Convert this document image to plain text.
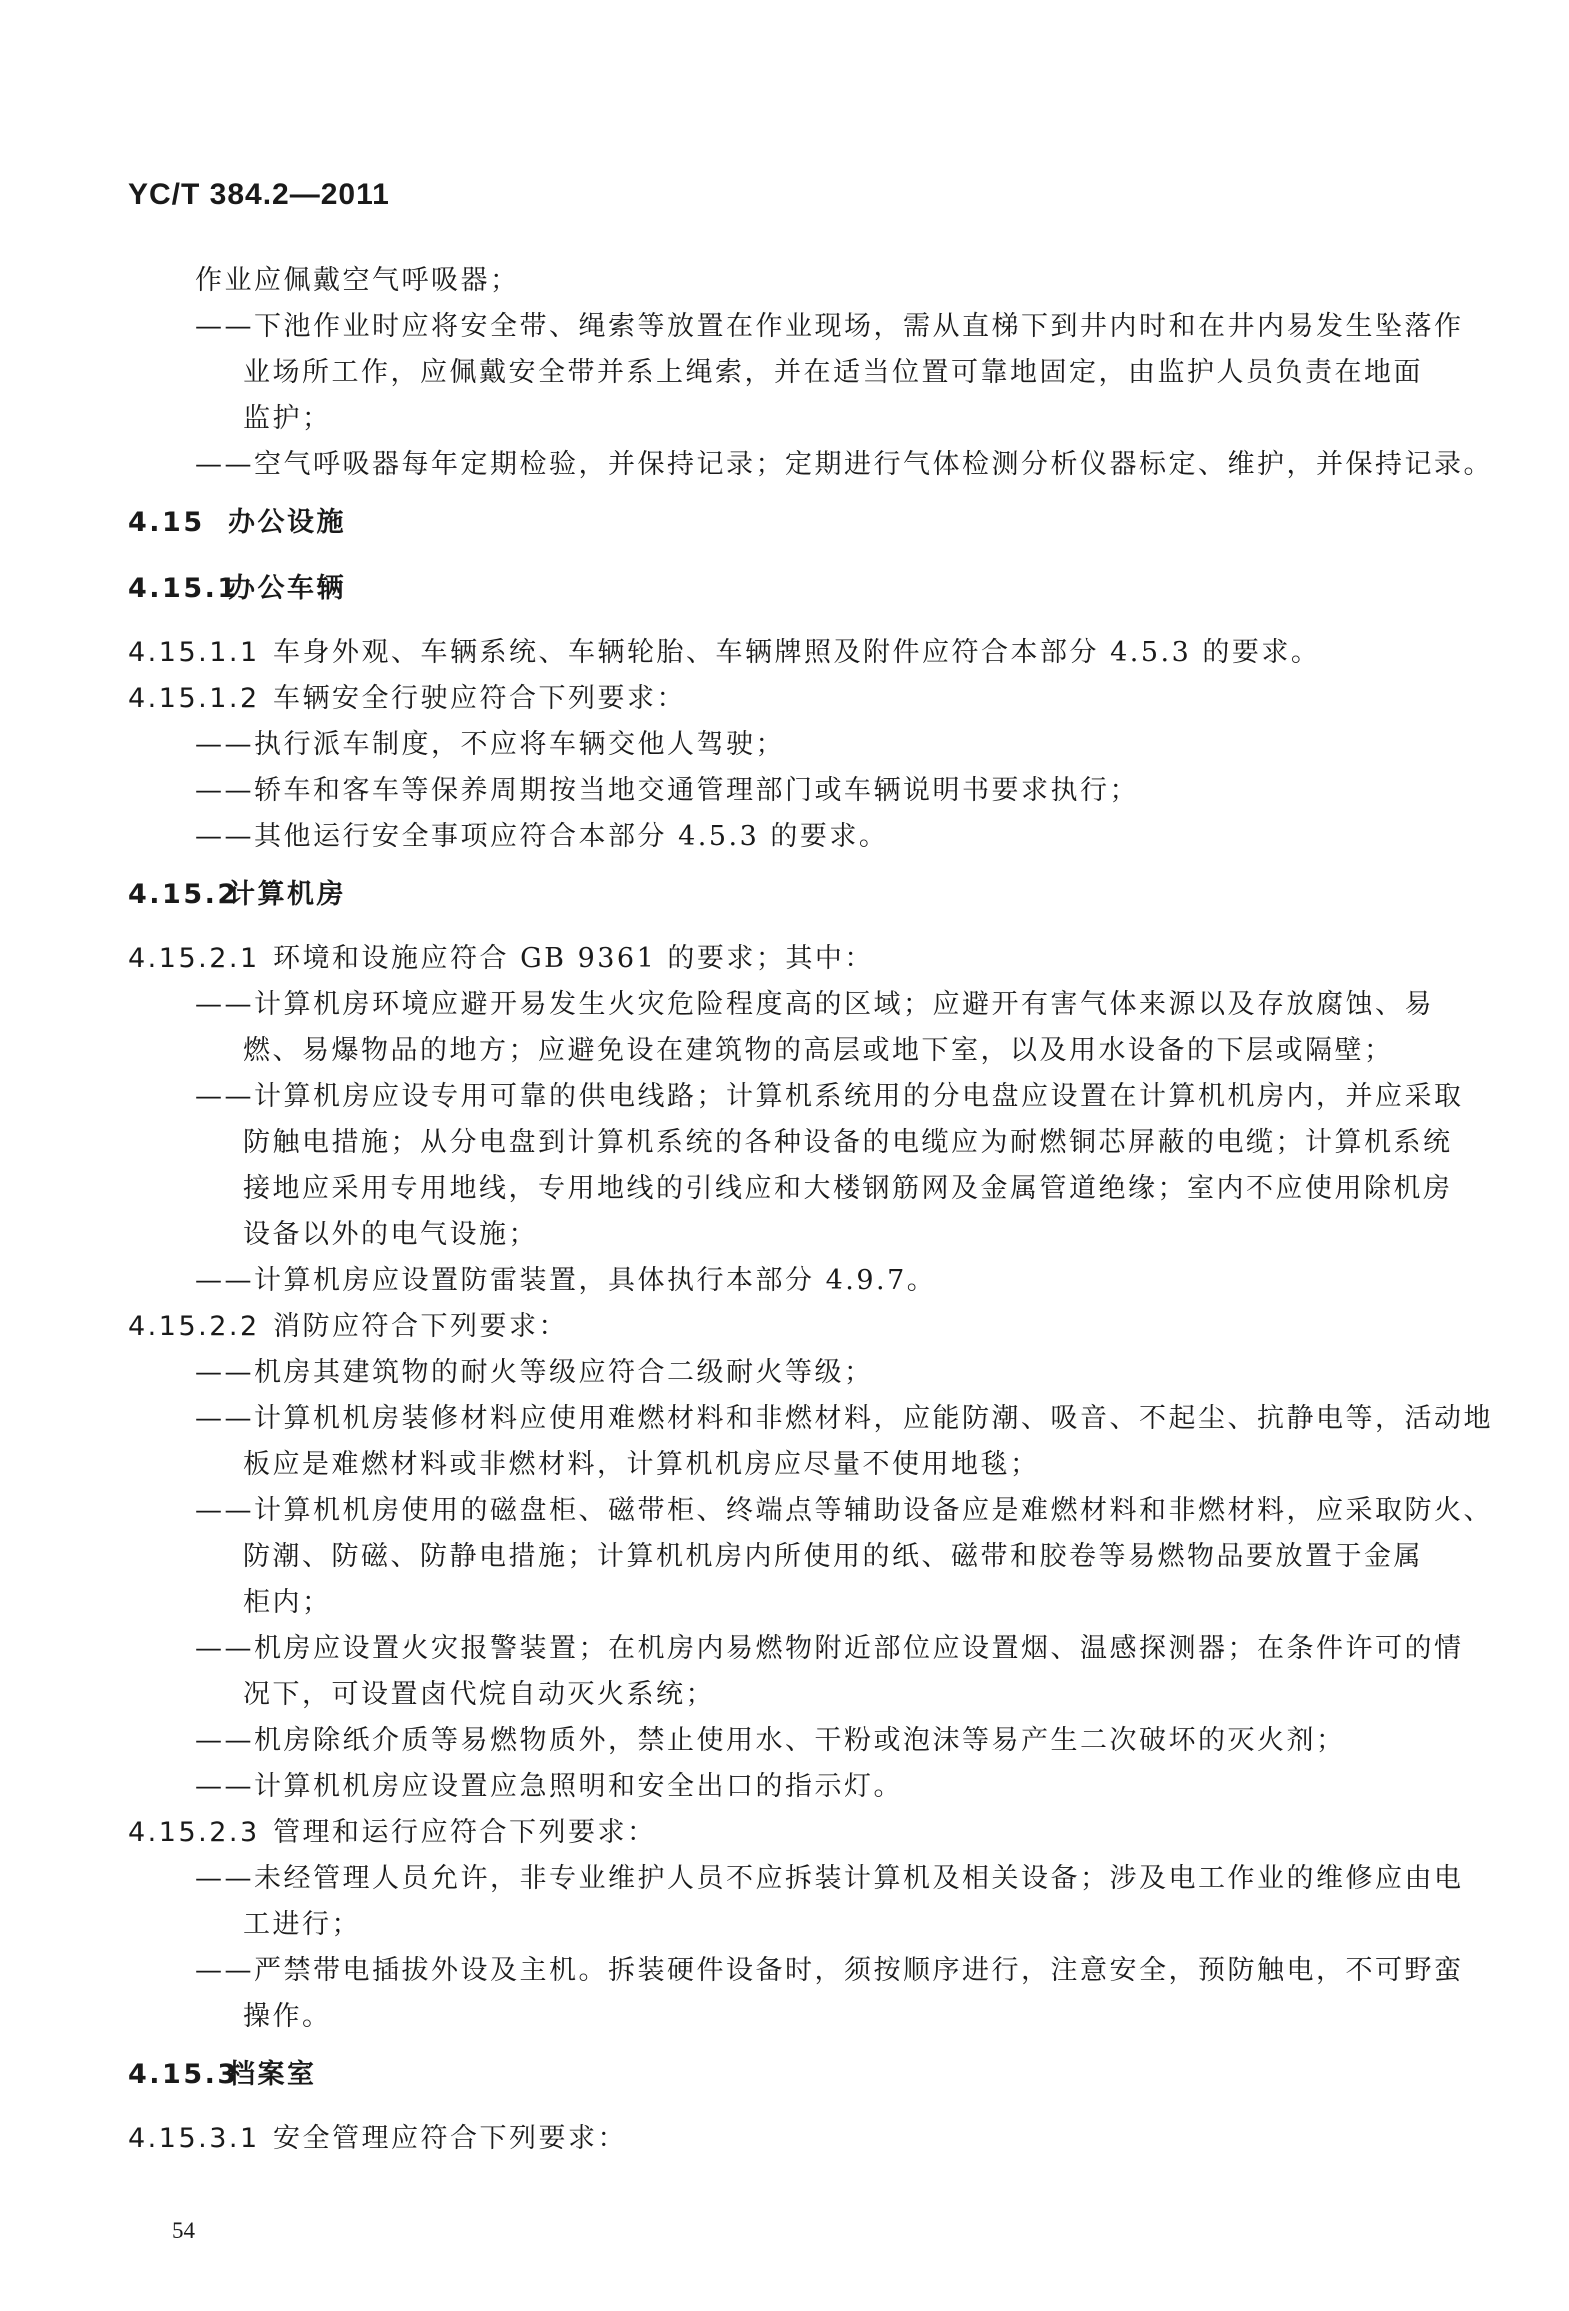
YC/T 384.2—2011
作业应佩戴空气呼吸器；
——下池作业时应将安全带、绳索等放置在作业现场，需从直梯下到井内时和在井内易发生坠落作
业场所工作，应佩戴安全带并系上绳索，并在适当位置可靠地固定，由监护人员负责在地面
监护；
——空气呼吸器每年定期检验，并保持记录；定期进行气体检测分析仪器标定、维护，并保持记录。
4.15 办公设施
4.15.1办公车辆
4.15.1.1 车身外观、车辆系统、车辆轮胎、车辆牌照及附件应符合本部分 4.5.3 的要求。
4.15.1.2 车辆安全行驶应符合下列要求：
——执行派车制度，不应将车辆交他人驾驶；
——轿车和客车等保养周期按当地交通管理部门或车辆说明书要求执行；
——其他运行安全事项应符合本部分 4.5.3 的要求。
4.15.2计算机房
4.15.2.1 环境和设施应符合 GB 9361 的要求；其中：
——计算机房环境应避开易发生火灾危险程度高的区域；应避开有害气体来源以及存放腐蚀、易
燃、易爆物品的地方；应避免设在建筑物的高层或地下室，以及用水设备的下层或隔壁；
——计算机房应设专用可靠的供电线路；计算机系统用的分电盘应设置在计算机机房内，并应采取
防触电措施；从分电盘到计算机系统的各种设备的电缆应为耐燃铜芯屏蔽的电缆；计算机系统
接地应采用专用地线，专用地线的引线应和大楼钢筋网及金属管道绝缘；室内不应使用除机房
设备以外的电气设施；
——计算机房应设置防雷装置，具体执行本部分 4.9.7。
4.15.2.2 消防应符合下列要求：
——机房其建筑物的耐火等级应符合二级耐火等级；
——计算机机房装修材料应使用难燃材料和非燃材料，应能防潮、吸音、不起尘、抗静电等，活动地
板应是难燃材料或非燃材料，计算机机房应尽量不使用地毯；
——计算机机房使用的磁盘柜、磁带柜、终端点等辅助设备应是难燃材料和非燃材料，应采取防火、
防潮、防磁、防静电措施；计算机机房内所使用的纸、磁带和胶卷等易燃物品要放置于金属
柜内；
——机房应设置火灾报警装置；在机房内易燃物附近部位应设置烟、温感探测器；在条件许可的情
况下，可设置卤代烷自动灭火系统；
——机房除纸介质等易燃物质外，禁止使用水、干粉或泡沫等易产生二次破坏的灭火剂；
——计算机机房应设置应急照明和安全出口的指示灯。
4.15.2.3 管理和运行应符合下列要求：
——未经管理人员允许，非专业维护人员不应拆装计算机及相关设备；涉及电工作业的维修应由电
工进行；
——严禁带电插拔外设及主机。拆装硬件设备时，须按顺序进行，注意安全，预防触电，不可野蛮
操作。
4.15.3档案室
4.15.3.1 安全管理应符合下列要求：
54
